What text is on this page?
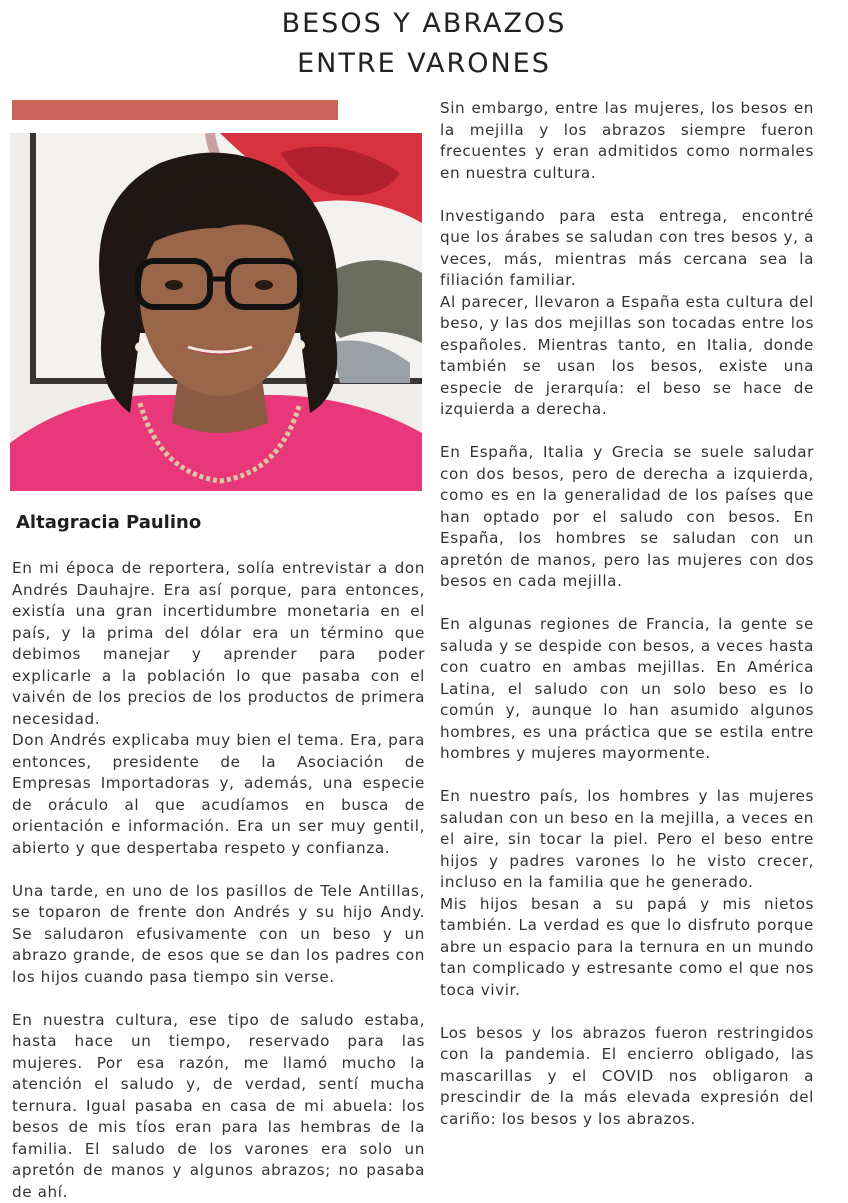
BESOS Y ABRAZOS
ENTRE VARONES
Altagracia Paulino

En mi época de reportera, solía entrevistar a don Andrés Dauhajre. Era así porque, para entonces, existía una gran incertidumbre monetaria en el país, y la prima del dólar era un término que debimos manejar y aprender para poder explicarle a la población lo que pasaba con el vaivén de los precios de los productos de primera necesidad.

Don Andrés explicaba muy bien el tema. Era, para entonces, presidente de la Asociación de Empresas Importadoras y, además, una especie de oráculo al que acudíamos en busca de orientación e información. Era un ser muy gentil, abierto y que despertaba respeto y confianza.

Una tarde, en uno de los pasillos de Tele Antillas, se toparon de frente don Andrés y su hijo Andy. Se saludaron efusivamente con un beso y un abrazo grande, de esos que se dan los padres con los hijos cuando pasa tiempo sin verse.

En nuestra cultura, ese tipo de saludo estaba, hasta hace un tiempo, reservado para las mujeres. Por esa razón, me llamó mucho la atención el saludo y, de verdad, sentí mucha ternura. Igual pasaba en casa de mi abuela: los besos de mis tíos eran para las hembras de la familia. El saludo de los varones era solo un apretón de manos y algunos abrazos; no pasaba de ahí.

Sin embargo, entre las mujeres, los besos en la mejilla y los abrazos siempre fueron frecuentes y eran admitidos como normales en nuestra cultura.

Investigando para esta entrega, encontré que los árabes se saludan con tres besos y, a veces, más, mientras más cercana sea la filiación familiar.

Al parecer, llevaron a España esta cultura del beso, y las dos mejillas son tocadas entre los españoles. Mientras tanto, en Italia, donde también se usan los besos, existe una especie de jerarquía: el beso se hace de izquierda a derecha.

En España, Italia y Grecia se suele saludar con dos besos, pero de derecha a izquierda, como es en la generalidad de los países que han optado por el saludo con besos. En España, los hombres se saludan con un apretón de manos, pero las mujeres con dos besos en cada mejilla.

En algunas regiones de Francia, la gente se saluda y se despide con besos, a veces hasta con cuatro en ambas mejillas. En América Latina, el saludo con un solo beso es lo común y, aunque lo han asumido algunos hombres, es una práctica que se estila entre hombres y mujeres mayormente.

En nuestro país, los hombres y las mujeres saludan con un beso en la mejilla, a veces en el aire, sin tocar la piel. Pero el beso entre hijos y padres varones lo he visto crecer, incluso en la familia que he generado.

Mis hijos besan a su papá y mis nietos también. La verdad es que lo disfruto porque abre un espacio para la ternura en un mundo tan complicado y estresante como el que nos toca vivir.

Los besos y los abrazos fueron restringidos con la pandemia. El encierro obligado, las mascarillas y el COVID nos obligaron a prescindir de la más elevada expresión del cariño: los besos y los abrazos.
